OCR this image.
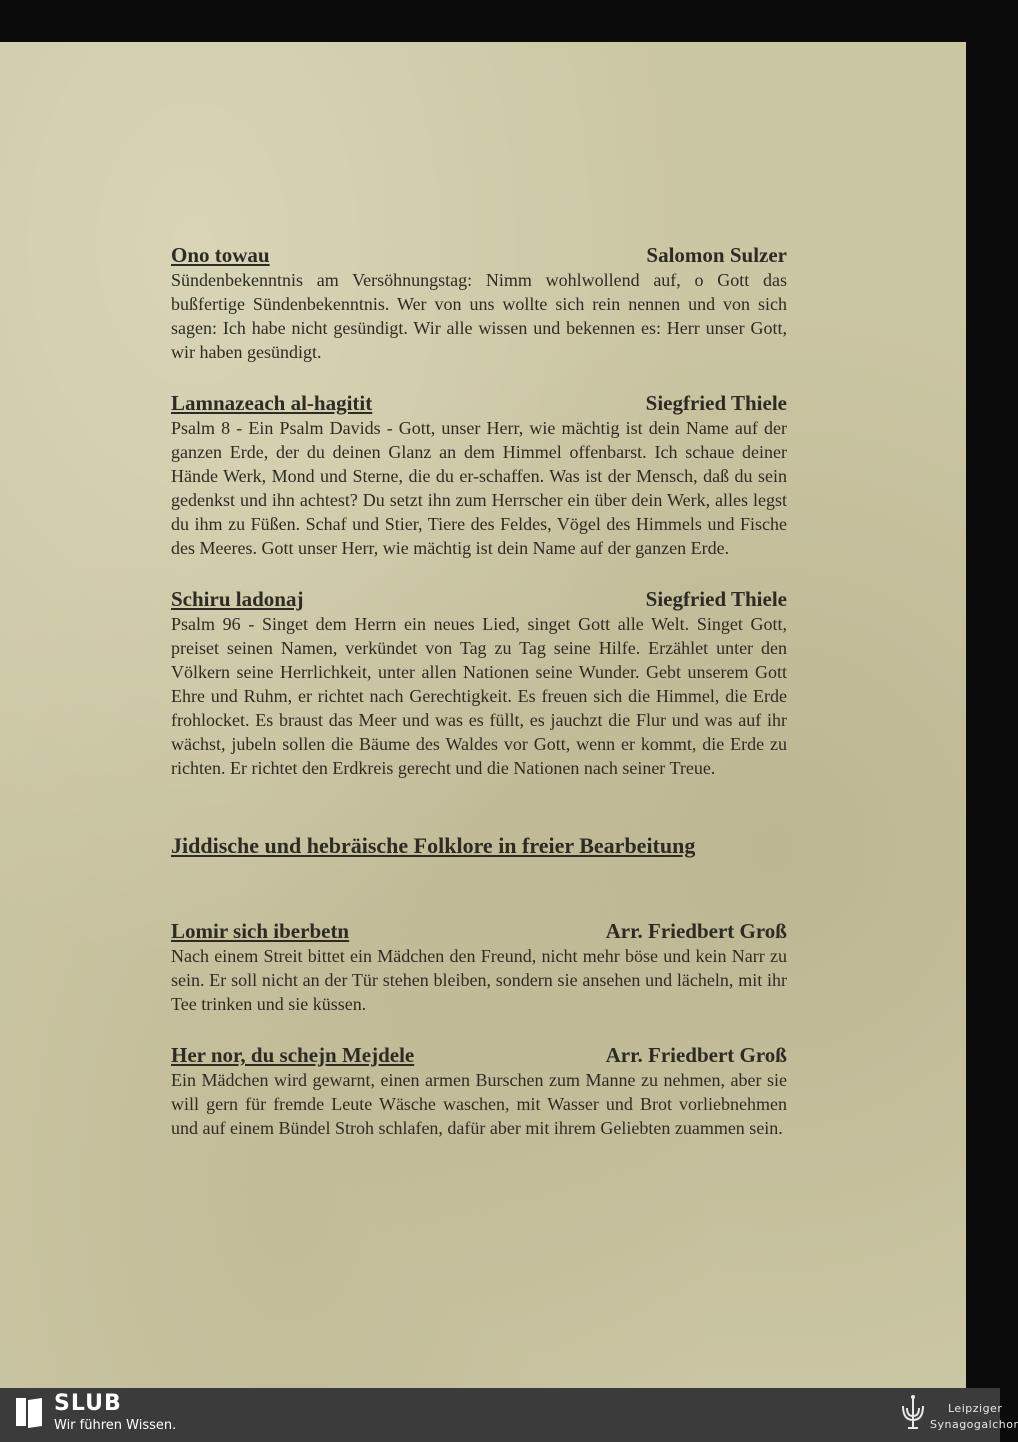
Ono towau	Salomon Sulzer
Sündenbekenntnis am Versöhnungstag: Nimm wohlwollend auf, o Gott das bußfertige Sündenbekenntnis. Wer von uns wollte sich rein nennen und von sich sagen: Ich habe nicht gesündigt. Wir alle wissen und bekennen es: Herr unser Gott, wir haben gesündigt.
Lamnazeach al-hagitit	Siegfried Thiele
Psalm 8 - Ein Psalm Davids - Gott, unser Herr, wie mächtig ist dein Name auf der ganzen Erde, der du deinen Glanz an dem Himmel offenbarst. Ich schaue deiner Hände Werk, Mond und Sterne, die du er-schaffen. Was ist der Mensch, daß du sein gedenkst und ihn achtest? Du setzt ihn zum Herrscher ein über dein Werk, alles legst du ihm zu Füßen. Schaf und Stier, Tiere des Feldes, Vögel des Himmels und Fische des Meeres. Gott unser Herr, wie mächtig ist dein Name auf der ganzen Erde.
Schiru ladonaj	Siegfried Thiele
Psalm 96 - Singet dem Herrn ein neues Lied, singet Gott alle Welt. Singet Gott, preiset seinen Namen, verkündet von Tag zu Tag seine Hilfe. Erzählet unter den Völkern seine Herrlichkeit, unter allen Nationen seine Wunder. Gebt unserem Gott Ehre und Ruhm, er richtet nach Gerechtigkeit. Es freuen sich die Himmel, die Erde frohlocket. Es braust das Meer und was es füllt, es jauchzt die Flur und was auf ihr wächst, jubeln sollen die Bäume des Waldes vor Gott, wenn er kommt, die Erde zu richten. Er richtet den Erdkreis gerecht und die Nationen nach seiner Treue.
Jiddische und hebräische Folklore in freier Bearbeitung
Lomir sich iberbetn	Arr. Friedbert Groß
Nach einem Streit bittet ein Mädchen den Freund, nicht mehr böse und kein Narr zu sein. Er soll nicht an der Tür stehen bleiben, sondern sie ansehen und lächeln, mit ihr Tee trinken und sie küssen.
Her nor, du schejn Mejdele	Arr. Friedbert Groß
Ein Mädchen wird gewarnt, einen armen Burschen zum Manne zu nehmen, aber sie will gern für fremde Leute Wäsche waschen, mit Wasser und Brot vorliebnehmen und auf einem Bündel Stroh schlafen, dafür aber mit ihrem Geliebten zuammen sein.
SLUB
Wir führen Wissen.
Leipziger
Synagogalchor
